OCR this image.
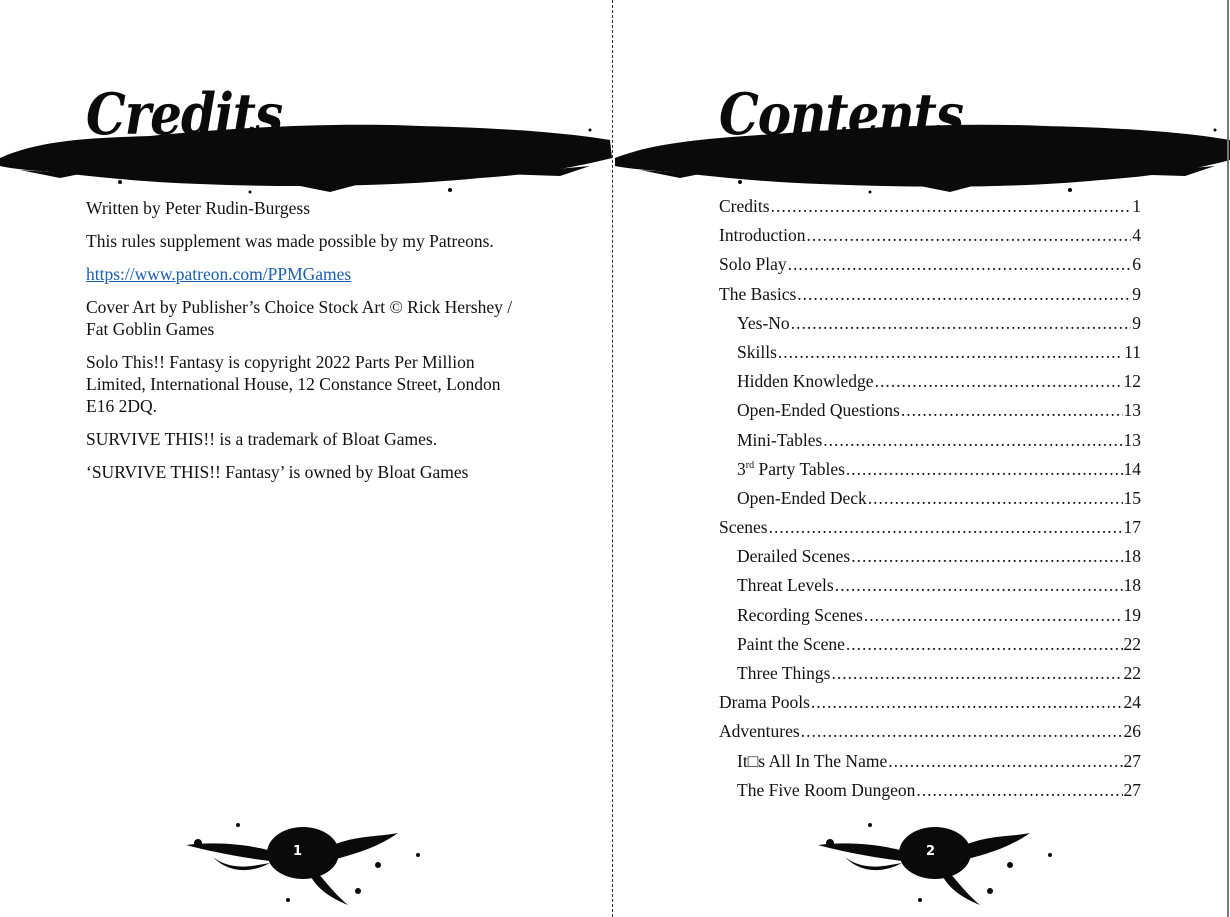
Credits

Written by Peter Rudin-Burgess

This rules supplement was made possible by my Patreons.

https://www.patreon.com/PPMGames

Cover Art by Publisher’s Choice Stock Art © Rick Hershey / Fat Goblin Games

Solo This!! Fantasy is copyright 2022 Parts Per Million Limited, International House, 12 Constance Street, London E16 2DQ.

SURVIVE THIS!! is a trademark of Bloat Games.

‘SURVIVE THIS!! Fantasy’ is owned by Bloat Games

1
Contents
Credits .....	1
Introduction .....	4
Solo Play .....	6
The Basics .....	9
Yes-No .....	9
Skills .....	11
Hidden Knowledge .....	12
Open-Ended Questions .....	13
Mini-Tables .....	13
3rd Party Tables .....	14
Open-Ended Deck .....	15
Scenes .....	17
Derailed Scenes .....	18
Threat Levels .....	18
Recording Scenes .....	19
Paint the Scene .....	22
Three Things .....	22
Drama Pools .....	24
Adventures .....	26
It□s All In The Name .....	27
The Five Room Dungeon .....	27
2
